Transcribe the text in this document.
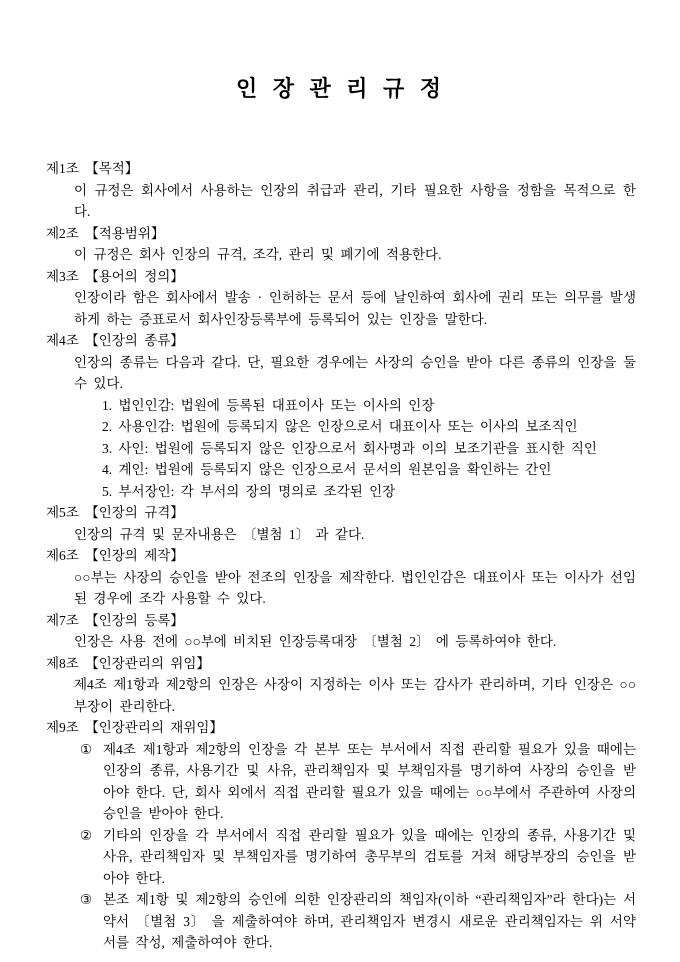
인 장 관 리 규 정
제1조 【목적】

이 규정은 회사에서 사용하는 인장의 취급과 관리, 기타 필요한 사항을 정함을 목적으로 한다.

제2조 【적용범위】

이 규정은 회사 인장의 규격, 조각, 관리 및 폐기에 적용한다.

제3조 【용어의 정의】

인장이라 함은 회사에서 발송 · 인허하는 문서 등에 날인하여 회사에 권리 또는 의무를 발생하게 하는 증표로서 회사인장등록부에 등록되어 있는 인장을 말한다.

제4조 【인장의 종류】

인장의 종류는 다음과 같다. 단, 필요한 경우에는 사장의 승인을 받아 다른 종류의 인장을 둘 수 있다.

1. 법인인감: 법원에 등록된 대표이사 또는 이사의 인장

2. 사용인감: 법원에 등록되지 않은 인장으로서 대표이사 또는 이사의 보조직인

3. 사인: 법원에 등록되지 않은 인장으로서 회사명과 이의 보조기관을 표시한 직인

4. 계인: 법원에 등록되지 않은 인장으로서 문서의 원본임을 확인하는 간인

5. 부서장인: 각 부서의 장의 명의로 조각된 인장

제5조 【인장의 규격】

인장의 규격 및 문자내용은 〔별첨 1〕 과 같다.

제6조 【인장의 제작】

○○부는 사장의 승인을 받아 전조의 인장을 제작한다. 법인인감은 대표이사 또는 이사가 선임된 경우에 조각 사용할 수 있다.

제7조 【인장의 등록】

인장은 사용 전에 ○○부에 비치된 인장등록대장 〔별첨 2〕 에 등록하여야 한다.

제8조 【인장관리의 위임】

제4조 제1항과 제2항의 인장은 사장이 지정하는 이사 또는 감사가 관리하며, 기타 인장은 ○○부장이 관리한다.

제9조 【인장관리의 재위임】
① 제4조 제1항과 제2항의 인장을 각 본부 또는 부서에서 직접 관리할 필요가 있을 때에는 인장의 종류, 사용기간 및 사유, 관리책임자 및 부책임자를 명기하여 사장의 승인을 받아야 한다. 단, 회사 외에서 직접 관리할 필요가 있을 때에는 ○○부에서 주관하여 사장의 승인을 받아야 한다.
② 기타의 인장을 각 부서에서 직접 관리할 필요가 있을 때에는 인장의 종류, 사용기간 및 사유, 관리책임자 및 부책임자를 명기하여 총무부의 검토를 거쳐 해당부장의 승인을 받아야 한다.
③ 본조 제1항 및 제2항의 승인에 의한 인장관리의 책임자(이하 “관리책임자”라 한다)는 서약서 〔별첨 3〕 을 제출하여야 하며, 관리책임자 변경시 새로운 관리책임자는 위 서약서를 작성, 제출하여야 한다.
